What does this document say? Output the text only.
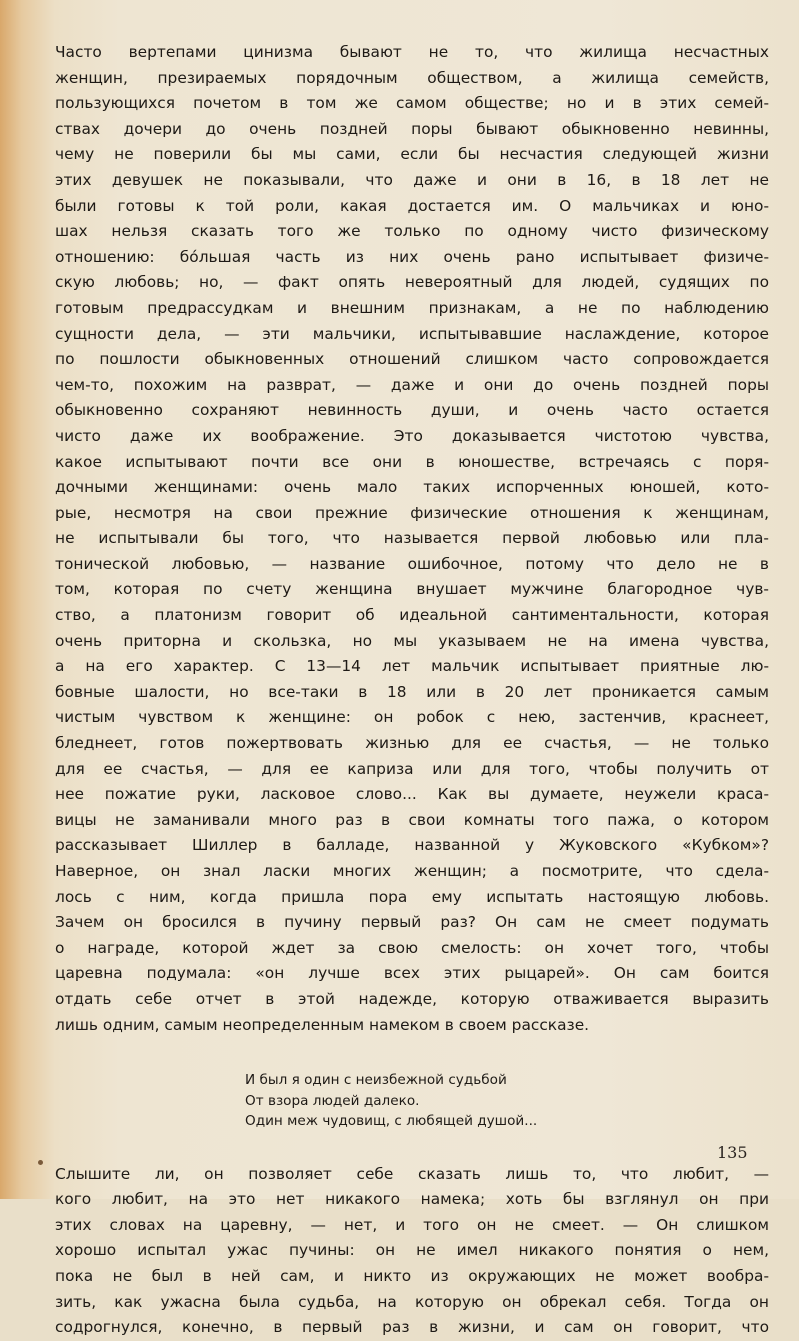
Часто вертепами цинизма бывают не то, что жилища несчастных
женщин, презираемых порядочным обществом, а жилища семейств,
пользующихся почетом в том же самом обществе; но и в этих семей-
ствах дочери до очень поздней поры бывают обыкновенно невинны,
чему не поверили бы мы сами, если бы несчастия следующей жизни
этих девушек не показывали, что даже и они в 16, в 18 лет не
были готовы к той роли, какая достается им. О мальчиках и юно-
шах нельзя сказать того же только по одному чисто физическому
отношению: бóльшая часть из них очень рано испытывает физиче-
скую любовь; но, — факт опять невероятный для людей, судящих по
готовым предрассудкам и внешним признакам, а не по наблюдению
сущности дела, — эти мальчики, испытывавшие наслаждение, которое
по пошлости обыкновенных отношений слишком часто сопровождается
чем-то, похожим на разврат, — даже и они до очень поздней поры
обыкновенно сохраняют невинность души, и очень часто остается
чисто даже их воображение. Это доказывается чистотою чувства,
какое испытывают почти все они в юношестве, встречаясь с поря-
дочными женщинами: очень мало таких испорченных юношей, кото-
рые, несмотря на свои прежние физические отношения к женщинам,
не испытывали бы того, что называется первой любовью или пла-
тонической любовью, — название ошибочное, потому что дело не в
том, которая по счету женщина внушает мужчине благородное чув-
ство, а платонизм говорит об идеальной сантиментальности, которая
очень приторна и скользка, но мы указываем не на имена чувства,
а на его характер. С 13—14 лет мальчик испытывает приятные лю-
бовные шалости, но все-таки в 18 или в 20 лет проникается самым
чистым чувством к женщине: он робок с нею, застенчив, краснеет,
бледнеет, готов пожертвовать жизнью для ее счастья, — не только
для ее счастья, — для ее каприза или для того, чтобы получить от
нее пожатие руки, ласковое слово... Как вы думаете, неужели краса-
вицы не заманивали много раз в свои комнаты того пажа, о котором
рассказывает Шиллер в балладе, названной у Жуковского «Кубком»?
Наверное, он знал ласки многих женщин; а посмотрите, что сдела-
лось с ним, когда пришла пора ему испытать настоящую любовь.
Зачем он бросился в пучину первый раз? Он сам не смеет подумать
о награде, которой ждет за свою смелость: он хочет того, чтобы
царевна подумала: «он лучше всех этих рыцарей». Он сам боится
отдать себе отчет в этой надежде, которую отваживается выразить
лишь одним, самым неопределенным намеком в своем рассказе.
И был я один с неизбежной судьбой
От взора людей далеко.
Один меж чудовищ, с любящей душой...
Слышите ли, он позволяет себе сказать лишь то, что любит, —
кого любит, на это нет никакого намека; хоть бы взглянул он при
этих словах на царевну, — нет, и того он не смеет. — Он слишком
хорошо испытал ужас пучины: он не имел никакого понятия о нем,
пока не был в ней сам, и никто из окружающих не может вообра-
зить, как ужасна была судьба, на которую он обрекал себя. Тогда он
содрогнулся, конечно, в первый раз в жизни, и сам он говорит, что
135
